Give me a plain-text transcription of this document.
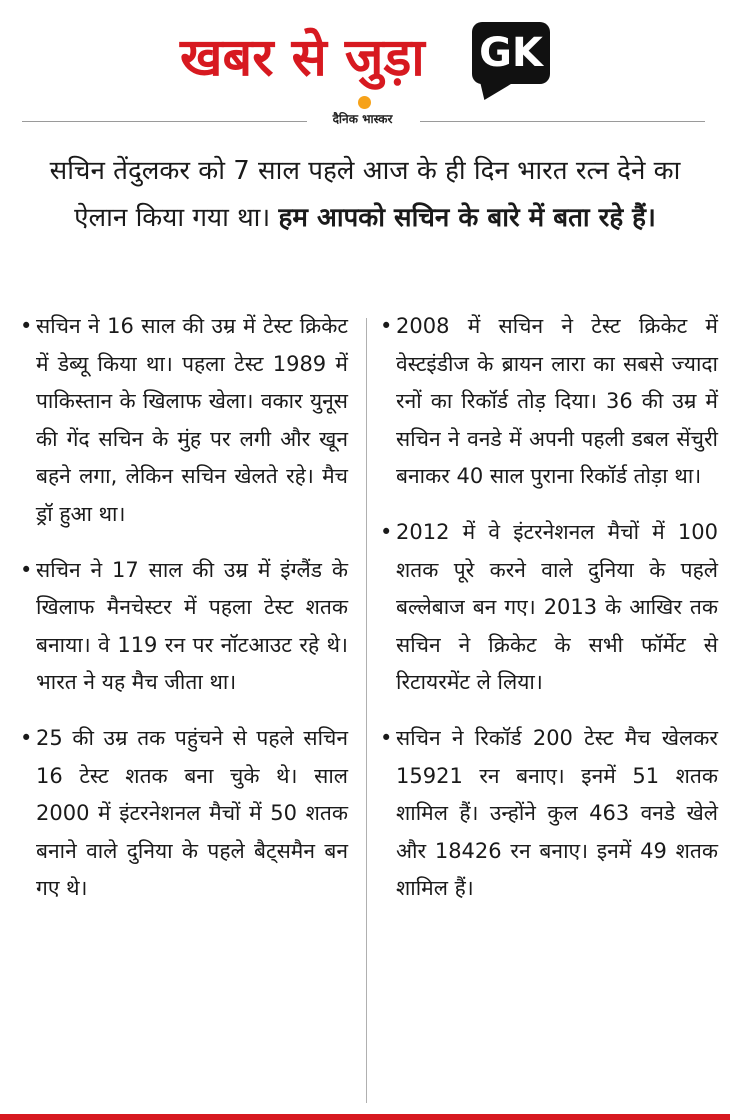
खबर से जुड़ा GK
दैनिक भास्कर
सचिन तेंदुलकर को 7 साल पहले आज के ही दिन भारत रत्न देने का ऐलान किया गया था। हम आपको सचिन के बारे में बता रहे हैं।
• सचिन ने 16 साल की उम्र में टेस्ट क्रिकेट में डेब्यू किया था। पहला टेस्ट 1989 में पाकिस्तान के खिलाफ खेला। वकार युनूस की गेंद सचिन के मुंह पर लगी और खून बहने लगा, लेकिन सचिन खेलते रहे। मैच ड्रॉ हुआ था।
• सचिन ने 17 साल की उम्र में इंग्लैंड के खिलाफ मैनचेस्टर में पहला टेस्ट शतक बनाया। वे 119 रन पर नॉटआउट रहे थे। भारत ने यह मैच जीता था।
• 25 की उम्र तक पहुंचने से पहले सचिन 16 टेस्ट शतक बना चुके थे। साल 2000 में इंटरनेशनल मैचों में 50 शतक बनाने वाले दुनिया के पहले बैट्समैन बन गए थे।
• 2008 में सचिन ने टेस्ट क्रिकेट में वेस्टइंडीज के ब्रायन लारा का सबसे ज्यादा रनों का रिकॉर्ड तोड़ दिया। 36 की उम्र में सचिन ने वनडे में अपनी पहली डबल सेंचुरी बनाकर 40 साल पुराना रिकॉर्ड तोड़ा था।
• 2012 में वे इंटरनेशनल मैचों में 100 शतक पूरे करने वाले दुनिया के पहले बल्लेबाज बन गए। 2013 के आखिर तक सचिन ने क्रिकेट के सभी फॉर्मेट से रिटायरमेंट ले लिया।
• सचिन ने रिकॉर्ड 200 टेस्ट मैच खेलकर 15921 रन बनाए। इनमें 51 शतक शामिल हैं। उन्होंने कुल 463 वनडे खेले और 18426 रन बनाए। इनमें 49 शतक शामिल हैं।
